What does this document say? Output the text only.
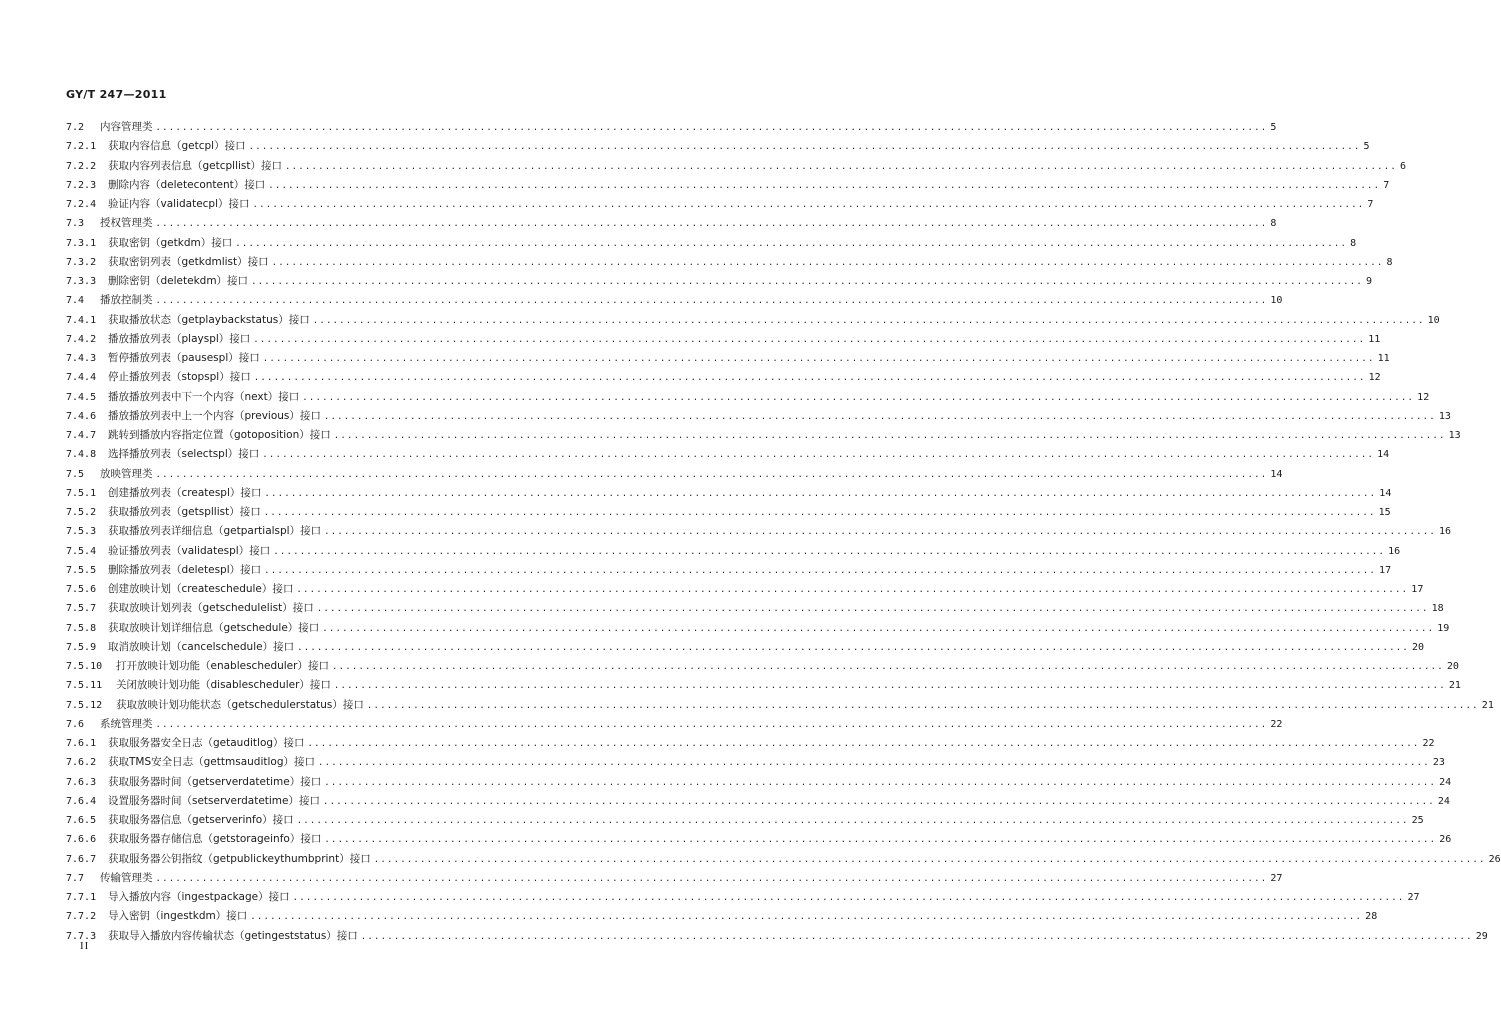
GY/T 247—2011
7.2	内容管理类 .....	5
7.2.1	获取内容信息（getcpl）接口 .....	5
7.2.2	获取内容列表信息（getcpllist）接口 .....	6
7.2.3	删除内容（deletecontent）接口 .....	7
7.2.4	验证内容（validatecpl）接口 .....	7
7.3	授权管理类 .....	8
7.3.1	获取密钥（getkdm）接口 .....	8
7.3.2	获取密钥列表（getkdmlist）接口 .....	8
7.3.3	删除密钥（deletekdm）接口 .....	9
7.4	播放控制类 .....	10
7.4.1	获取播放状态（getplaybackstatus）接口 .....	10
7.4.2	播放播放列表（playspl）接口 .....	11
7.4.3	暂停播放列表（pausespl）接口 .....	11
7.4.4	停止播放列表（stopspl）接口 .....	12
7.4.5	播放播放列表中下一个内容（next）接口 .....	12
7.4.6	播放播放列表中上一个内容（previous）接口 .....	13
7.4.7	跳转到播放内容指定位置（gotoposition）接口 .....	13
7.4.8	选择播放列表（selectspl）接口 .....	14
7.5	放映管理类 .....	14
7.5.1	创建播放列表（createspl）接口 .....	14
7.5.2	获取播放列表（getspllist）接口 .....	15
7.5.3	获取播放列表详细信息（getpartialspl）接口 .....	16
7.5.4	验证播放列表（validatespl）接口 .....	16
7.5.5	删除播放列表（deletespl）接口 .....	17
7.5.6	创建放映计划（createschedule）接口 .....	17
7.5.7	获取放映计划列表（getschedulelist）接口 .....	18
7.5.8	获取放映计划详细信息（getschedule）接口 .....	19
7.5.9	取消放映计划（cancelschedule）接口 .....	20
7.5.10	打开放映计划功能（enablescheduler）接口 .....	20
7.5.11	关闭放映计划功能（disablescheduler）接口 .....	21
7.5.12	获取放映计划功能状态（getschedulerstatus）接口 .....	21
7.6	系统管理类 .....	22
7.6.1	获取服务器安全日志（getauditlog）接口 .....	22
7.6.2	获取TMS安全日志（gettmsauditlog）接口 .....	23
7.6.3	获取服务器时间（getserverdatetime）接口 .....	24
7.6.4	设置服务器时间（setserverdatetime）接口 .....	24
7.6.5	获取服务器信息（getserverinfo）接口 .....	25
7.6.6	获取服务器存储信息（getstorageinfo）接口 .....	26
7.6.7	获取服务器公钥指纹（getpublickeythumbprint）接口 .....	26
7.7	传输管理类 .....	27
7.7.1	导入播放内容（ingestpackage）接口 .....	27
7.7.2	导入密钥（ingestkdm）接口 .....	28
7.7.3	获取导入播放内容传输状态（getingeststatus）接口 .....	29
II
